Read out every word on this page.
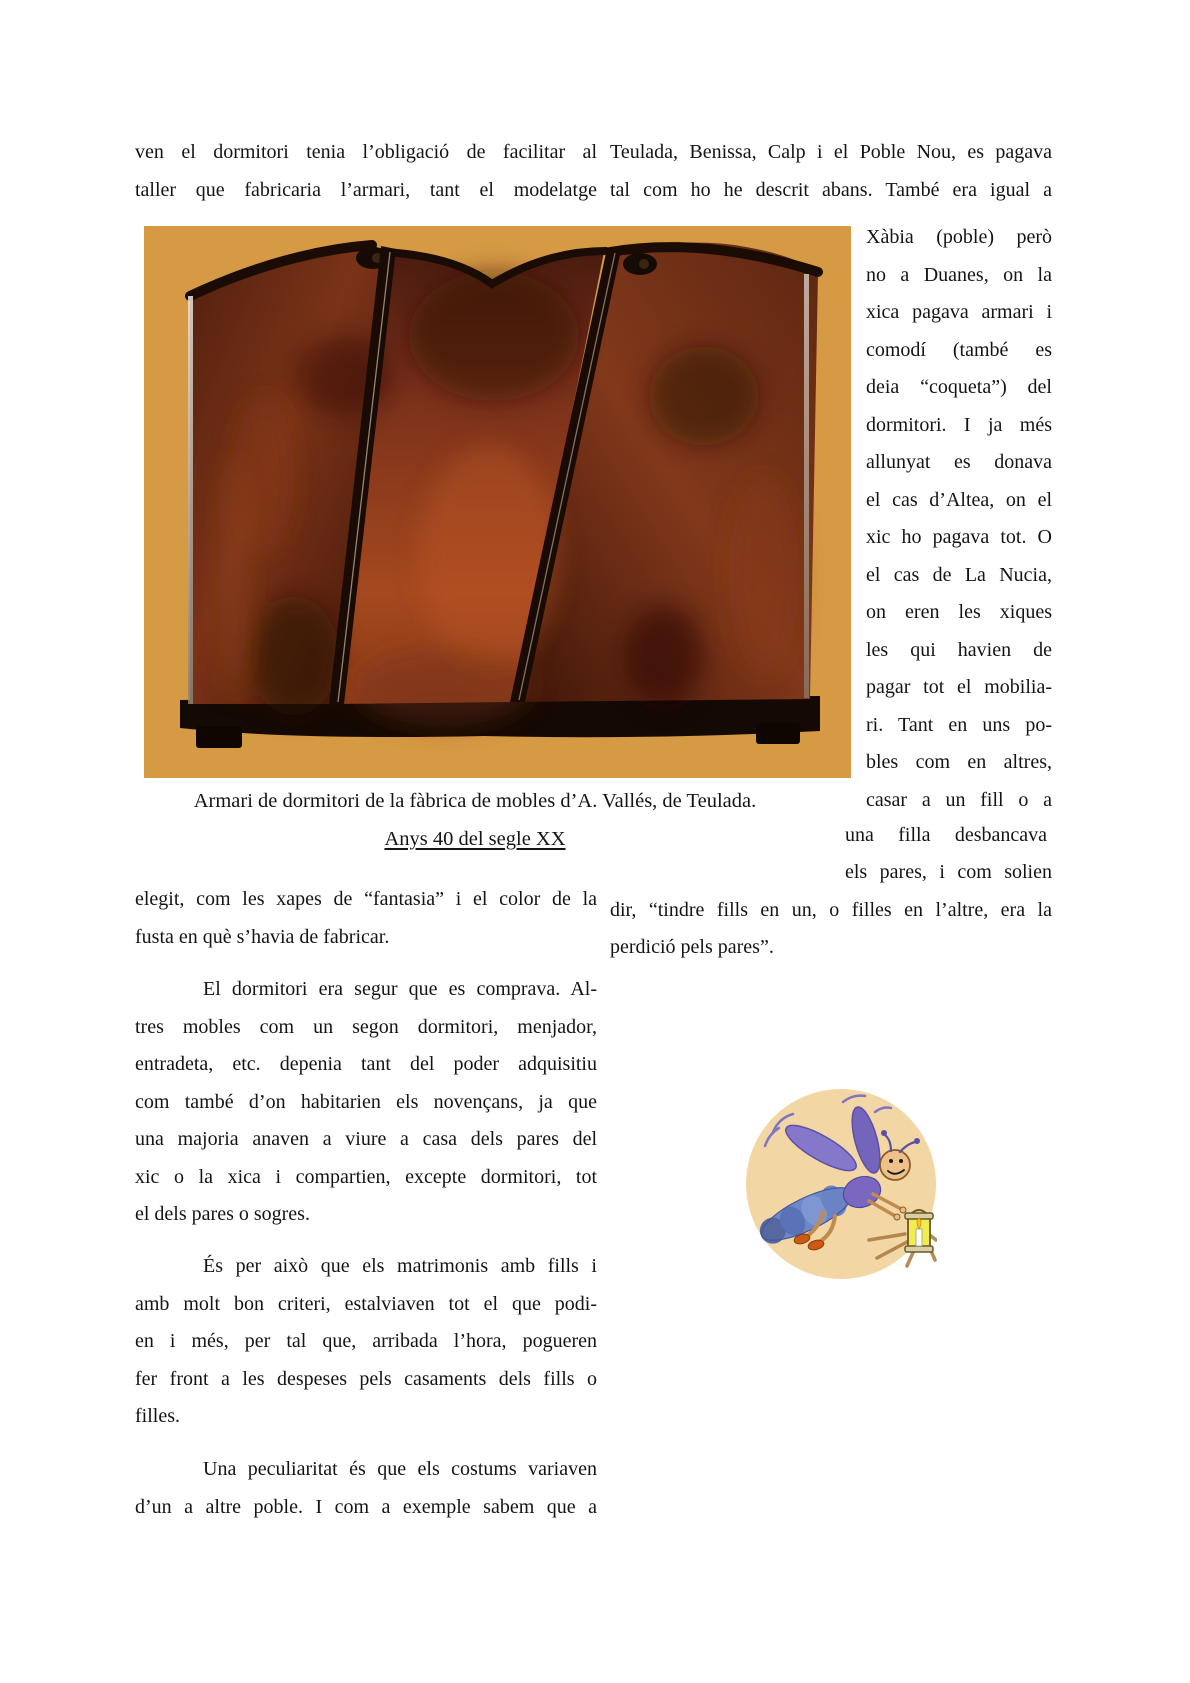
ven el dormitori tenia l’obligació de facilitar al
taller que fabricaria l’armari, tant el modelatge
Teulada, Benissa, Calp i el Poble Nou, es pagava
tal com ho he descrit abans. També era igual a
Xàbia (poble) però
no a Duanes, on la
xica pagava armari i
comodí (també es
deia “coqueta”) del
dormitori. I ja més
allunyat es donava
el cas d’Altea, on el
xic ho pagava tot. O
el cas de La Nucia,
on eren les xiques
les qui havien de
pagar tot el mobilia-
ri. Tant en uns po-
bles com en altres,
casar a un fill o a
una filla desbancava
els pares, i com solien
dir, “tindre fills en un, o filles en l’altre, era la
perdició pels pares”.
Armari de dormitori de la fàbrica de mobles d’A. Vallés, de Teulada.
Anys 40 del segle XX
elegit, com les xapes de “fantasia” i el color de la
fusta en què s’havia de fabricar.
El dormitori era segur que es comprava. Al-
tres mobles com un segon dormitori, menjador,
entradeta, etc. depenia tant del poder adquisitiu
com també d’on habitarien els novençans, ja que
una majoria anaven a viure a casa dels pares del
xic o la xica i compartien, excepte dormitori, tot
el dels pares o sogres.
És per això que els matrimonis amb fills i
amb molt bon criteri, estalviaven tot el que podi-
en i més, per tal que, arribada l’hora, pogueren
fer front a les despeses pels casaments dels fills o
filles.
Una peculiaritat és que els costums variaven
d’un a altre poble. I com a exemple sabem que a
